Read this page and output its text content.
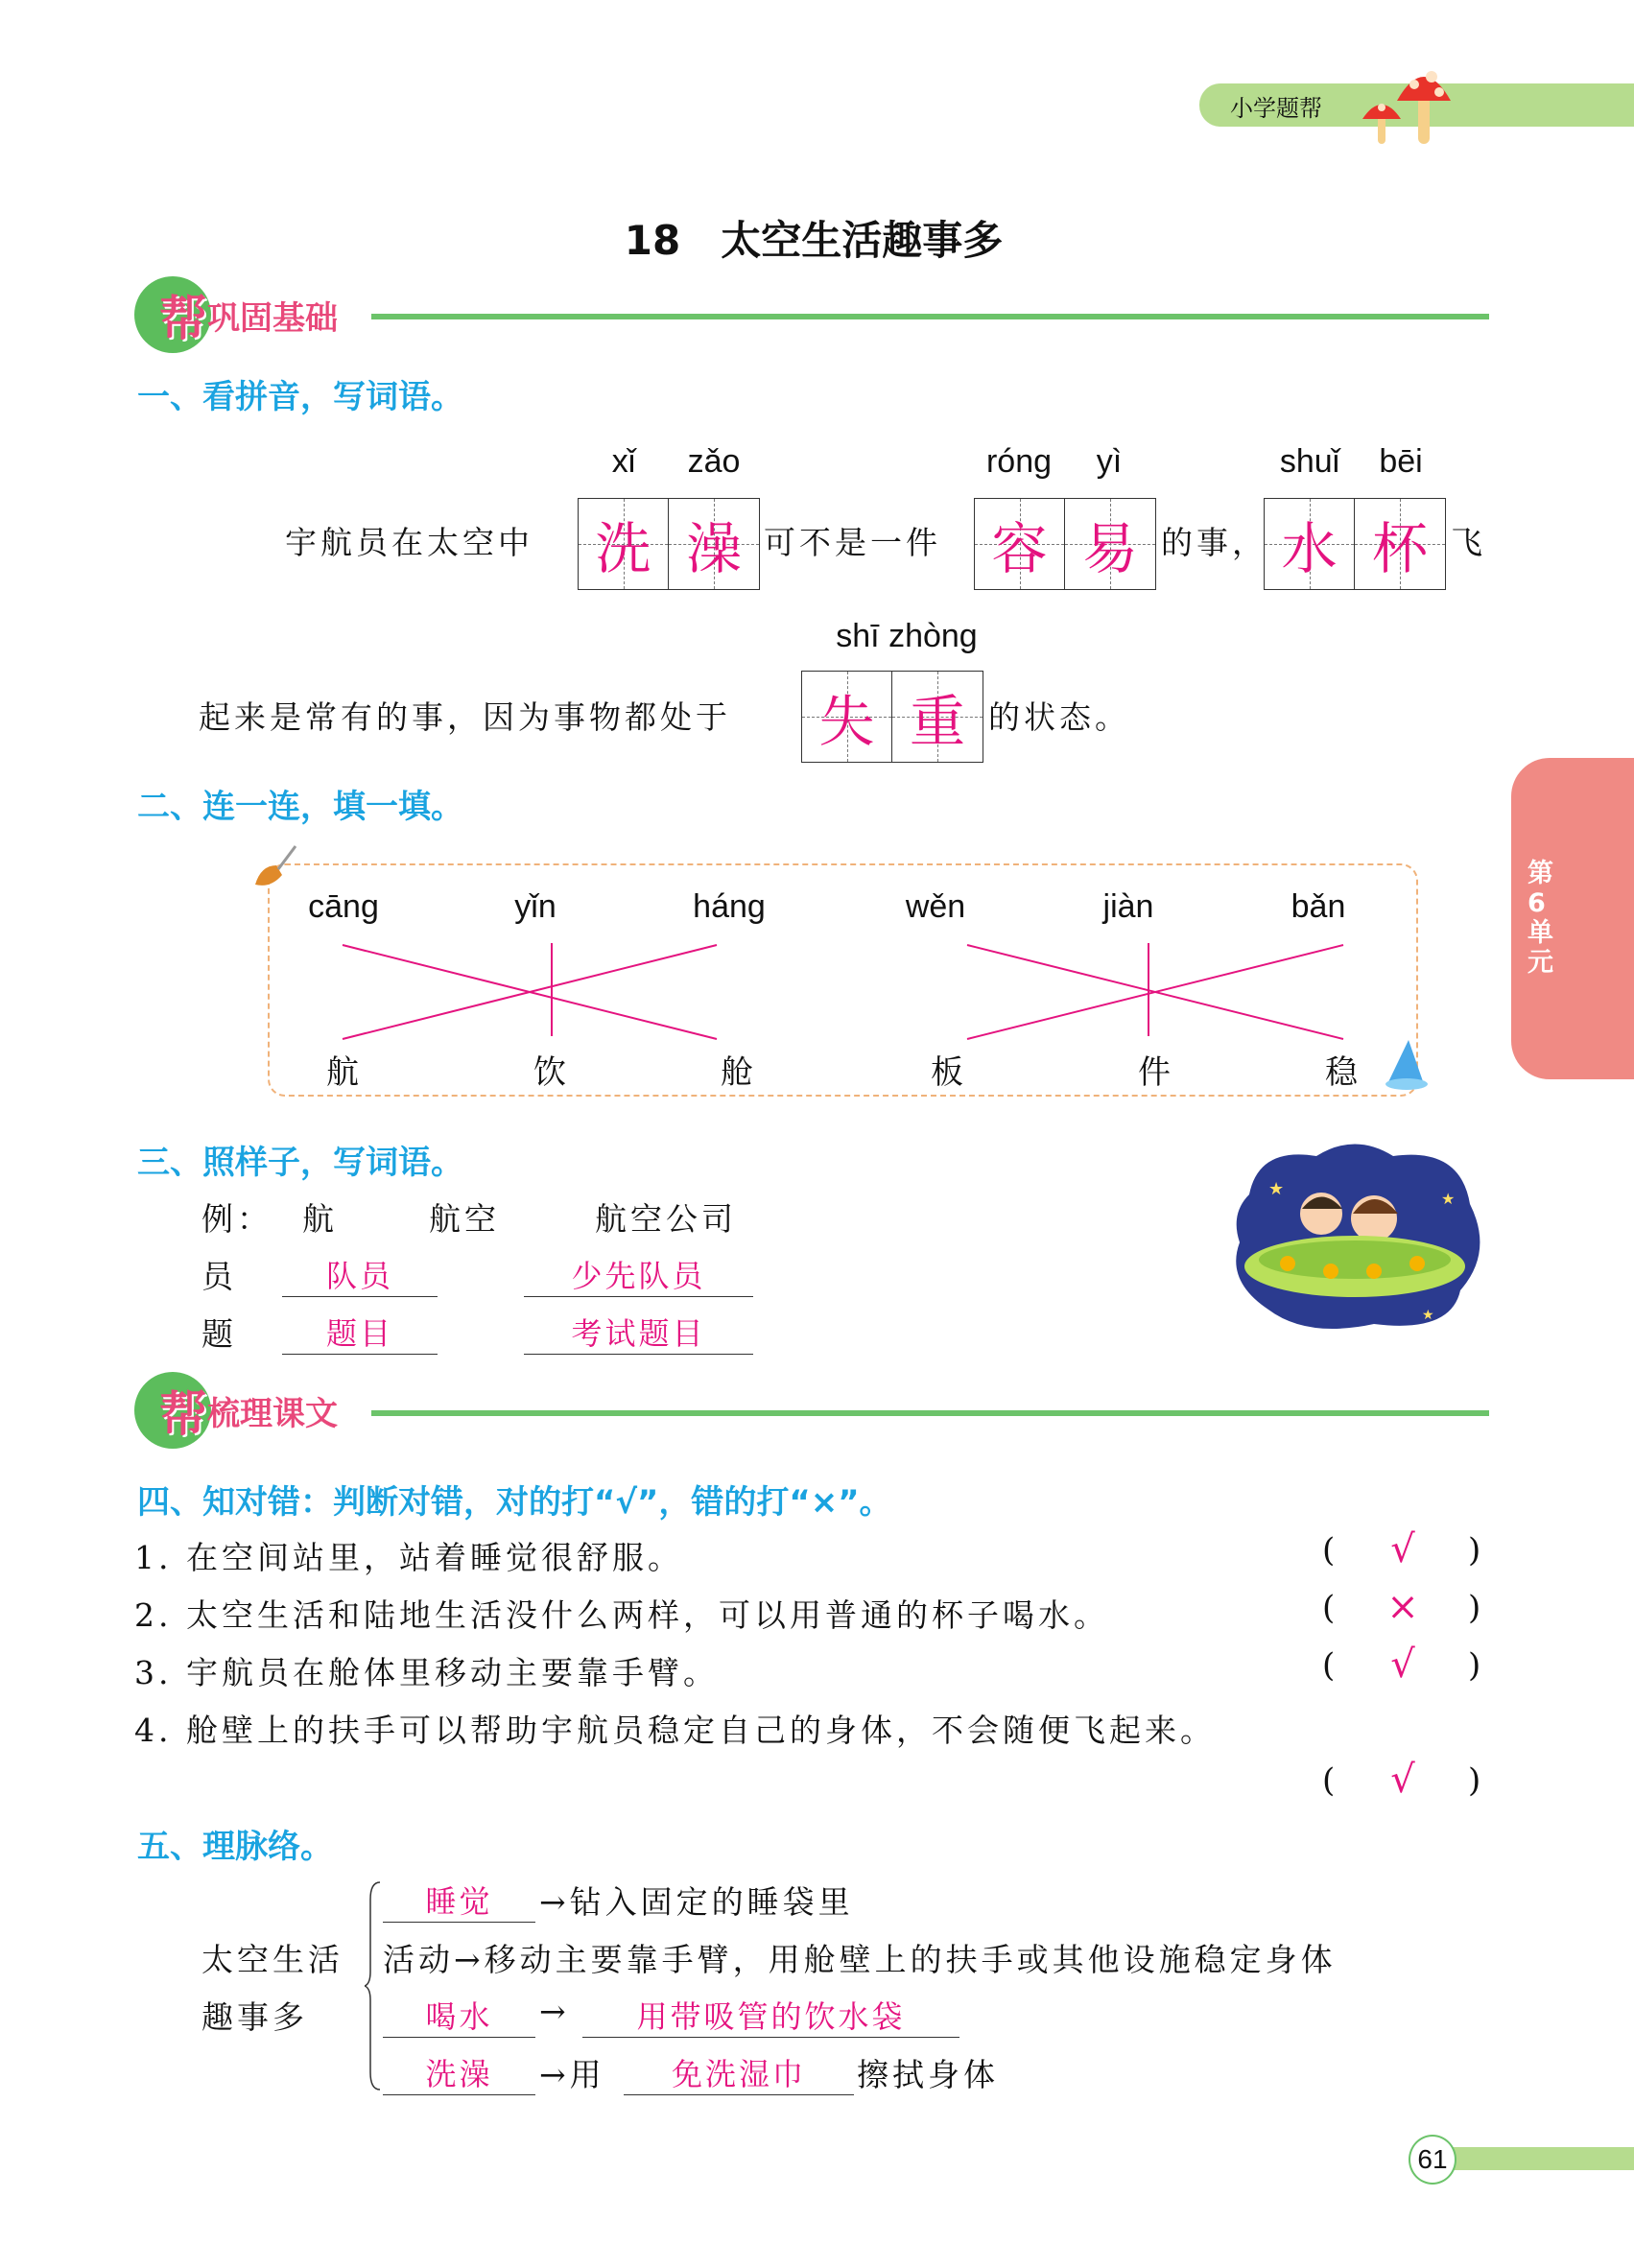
小学题帮
18　太空生活趣事多
帮 巩固基础
一、看拼音，写词语。
xǐ zǎo	róng yì	shuǐ bēi
宇航员在太空中 洗 澡 可不是一件 容 易 的事， 水 杯 飞
shī zhòng
起来是常有的事，因为事物都处于 失 重 的状态。
二、连一连，填一填。
cāng	yǐn	háng	wěn	jiàn	bǎn
航	饮	舱	板	件	稳
三、照样子，写词语。
例： 航	航空	航空公司
员	队员	少先队员
题	题目	考试题目
★	★
★
帮 梳理课文
四、知对错：判断对错，对的打“√”，错的打“×”。
1. 在空间站里，站着睡觉很舒服。
2. 太空生活和陆地生活没什么两样，可以用普通的杯子喝水。
3. 宇航员在舱体里移动主要靠手臂。
4. 舱壁上的扶手可以帮助宇航员稳定自己的身体，不会随便飞起来。
( √ )
( × )
( √ )
( √ )
五、理脉络。
太空生活
趣事多
睡觉	→钻入固定的睡袋里
活动→移动主要靠手臂，用舱壁上的扶手或其他设施稳定身体
喝水	→	用带吸管的饮水袋
洗澡	→用	免洗湿巾	擦拭身体
第6单元
61
